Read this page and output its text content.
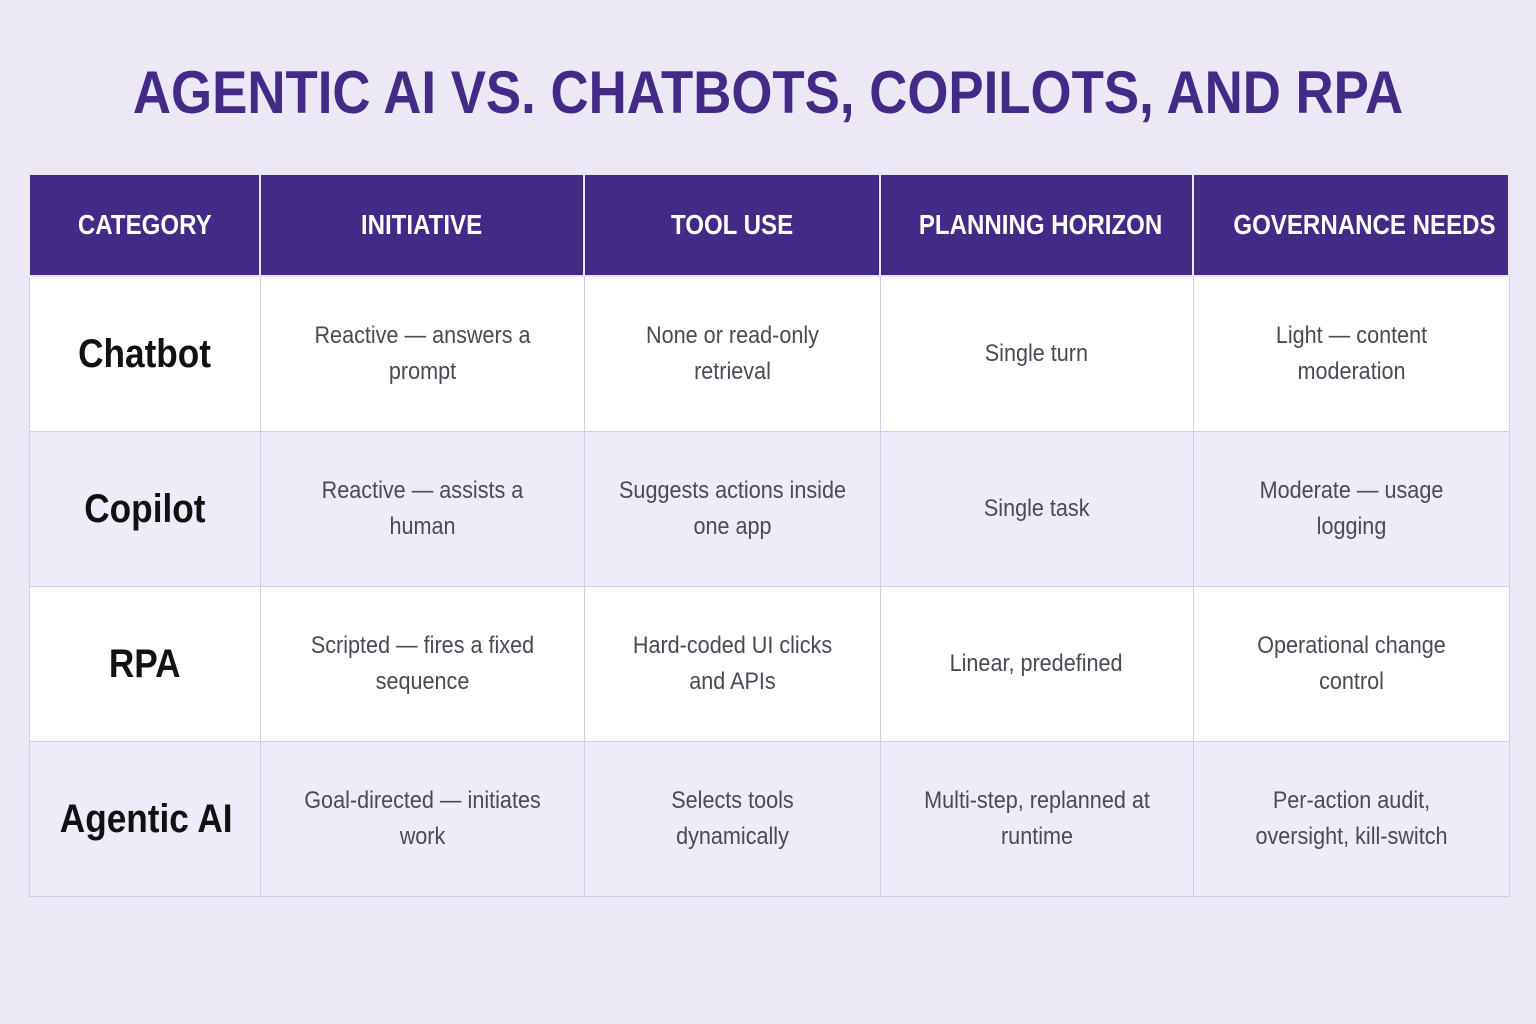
AGENTIC AI VS. CHATBOTS, COPILOTS, AND RPA
CATEGORY	INITIATIVE	TOOL USE	PLANNING HORIZON	GOVERNANCE NEEDS
Chatbot	Reactive — answers a prompt	None or read-only retrieval	Single turn	Light — content moderation
Copilot	Reactive — assists a human	Suggests actions inside one app	Single task	Moderate — usage logging
RPA	Scripted — fires a fixed sequence	Hard-coded UI clicks and APIs	Linear, predefined	Operational change control
Agentic AI	Goal-directed — initiates work	Selects tools dynamically	Multi-step, replanned at runtime	Per-action audit, oversight, kill-switch
